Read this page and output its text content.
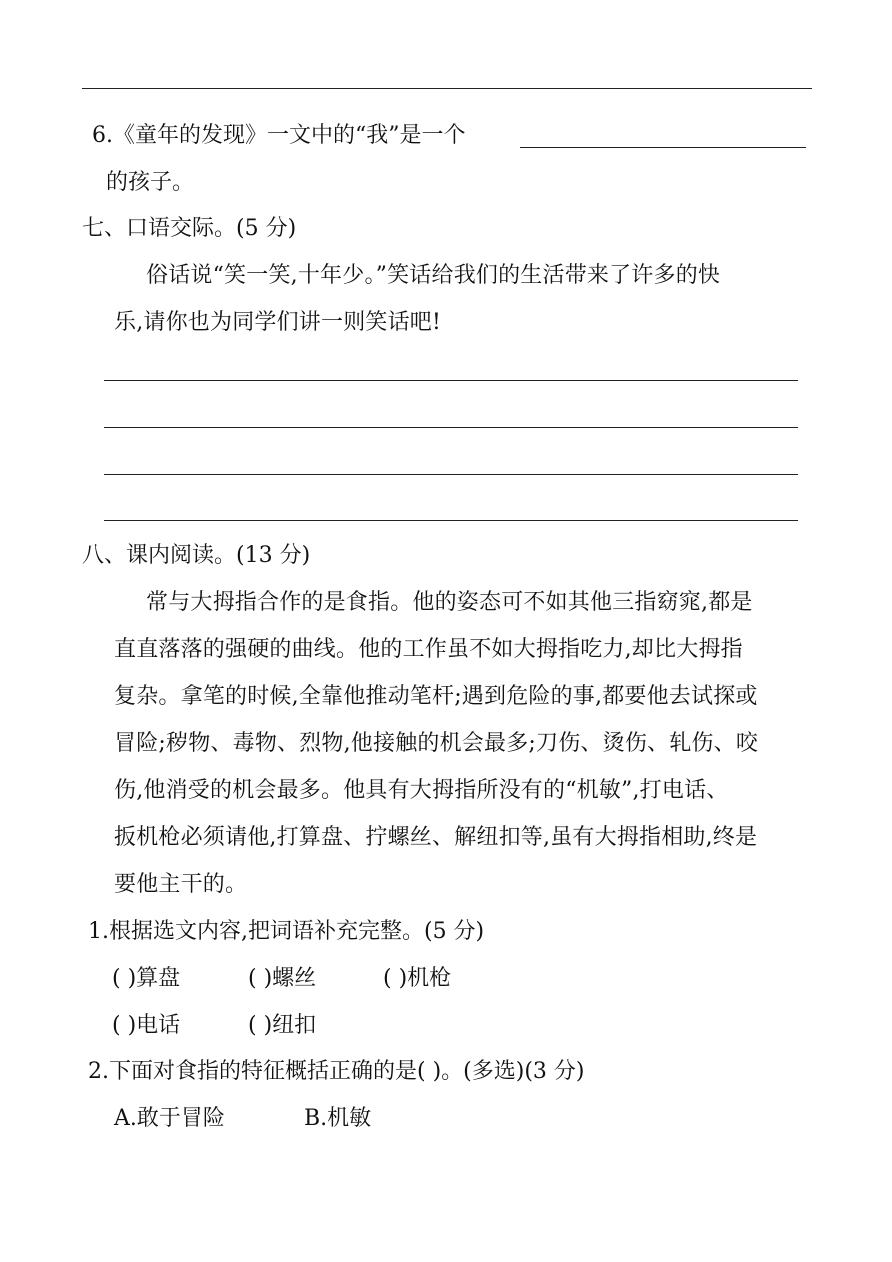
6.《童年的发现》一文中的“我”是一个
的孩子。
七、口语交际。(5 分)
俗话说“笑一笑,十年少。”笑话给我们的生活带来了许多的快
乐,请你也为同学们讲一则笑话吧!
八、课内阅读。(13 分)
常与大拇指合作的是食指。他的姿态可不如其他三指窈窕,都是
直直落落的强硬的曲线。他的工作虽不如大拇指吃力,却比大拇指
复杂。拿笔的时候,全靠他推动笔杆;遇到危险的事,都要他去试探或
冒险;秽物、毒物、烈物,他接触的机会最多;刀伤、烫伤、轧伤、咬
伤,他消受的机会最多。他具有大拇指所没有的“机敏”,打电话、
扳机枪必须请他,打算盘、拧螺丝、解纽扣等,虽有大拇指相助,终是
要他主干的。
1.根据选文内容,把词语补充完整。(5 分)
( )算盘	( )螺丝	( )机枪
( )电话	( )纽扣
2.下面对食指的特征概括正确的是( )。(多选)(3 分)
A.敢于冒险	B.机敏
